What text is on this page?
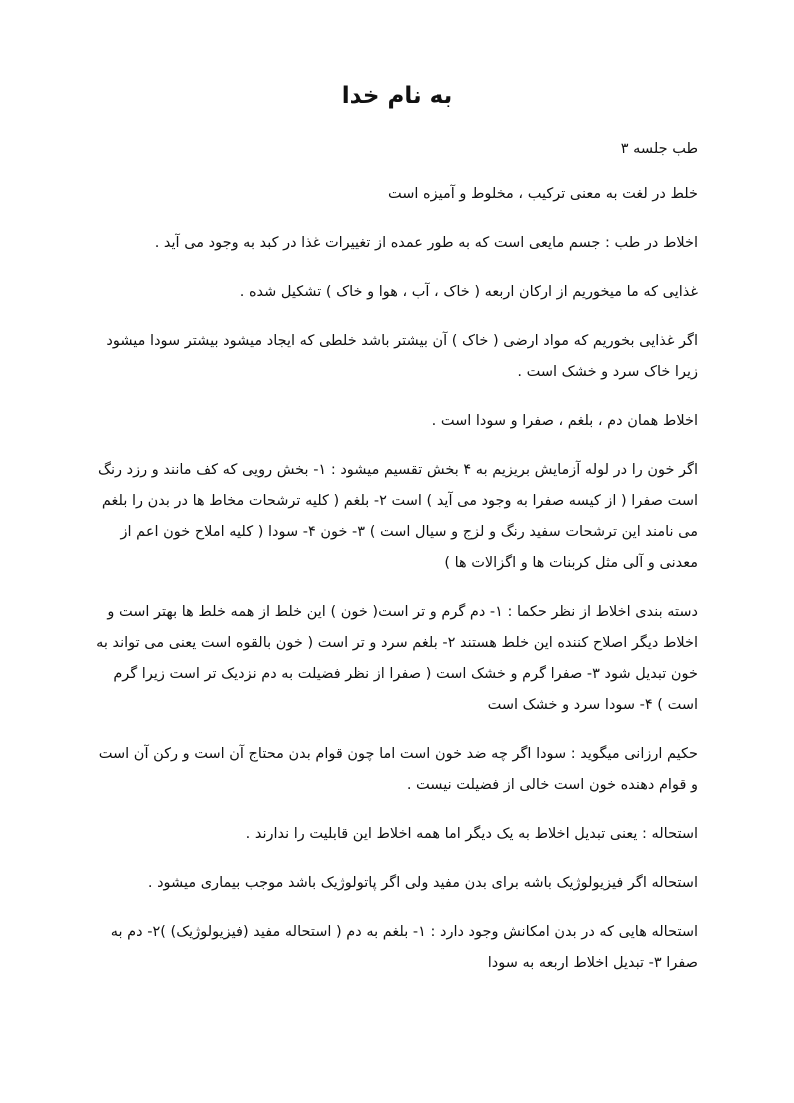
به نام خدا

طب جلسه ۳

خلط در لغت به معنی ترکیب ، مخلوط و آمیزه است

اخلاط در طب : جسم مایعی است که به طور عمده از تغییرات غذا در کبد به وجود می آید .

غذایی که ما میخوریم از ارکان اربعه ( خاک ، آب ، هوا و خاک ) تشکیل شده .

اگر غذایی بخوریم که مواد ارضی ( خاک ) آن بیشتر باشد خلطی که ایجاد میشود بیشتر سودا میشود زیرا خاک سرد و خشک است .

اخلاط همان دم ، بلغم ، صفرا و سودا است .

اگر خون را در لوله آزمایش بریزیم به ۴ بخش تقسیم میشود : ۱- بخش رویی که کف مانند و رزد رنگ است صفرا ( از کیسه صفرا به وجود می آید ) است ۲- بلغم ( کلیه ترشحات مخاط ها در بدن را بلغم می نامند این ترشحات سفید رنگ و لزج و سیال است ) ۳- خون ۴- سودا ( کلیه املاح خون اعم از معدنی و آلی مثل کربنات ها و اگزالات ها )

دسته بندی اخلاط از نظر حکما : ۱- دم گرم و تر است( خون ) این خلط از همه خلط ها بهتر است و اخلاط دیگر اصلاح کننده این خلط هستند ۲- بلغم سرد و تر است ( خون بالقوه است یعنی می تواند به خون تبدیل شود ۳- صفرا گرم و خشک است ( صفرا از نظر فضیلت به دم نزدیک تر است زیرا گرم است ) ۴- سودا سرد و خشک است

حکیم ارزانی میگوید : سودا اگر چه ضد خون است اما چون قوام بدن محتاج آن است و رکن آن است و قوام دهنده خون است خالی از فضیلت نیست .

استحاله : یعنی تبدیل اخلاط به یک دیگر اما همه اخلاط این قابلیت را ندارند .

استحاله اگر فیزیولوژیک باشه برای بدن مفید ولی اگر پاتولوژیک باشد موجب بیماری میشود .

استحاله هایی که در بدن امکانش وجود دارد : ۱- بلغم به دم ( استحاله مفید (فیزیولوژیک) )۲- دم به صفرا ۳- تبدیل اخلاط اربعه به سودا
